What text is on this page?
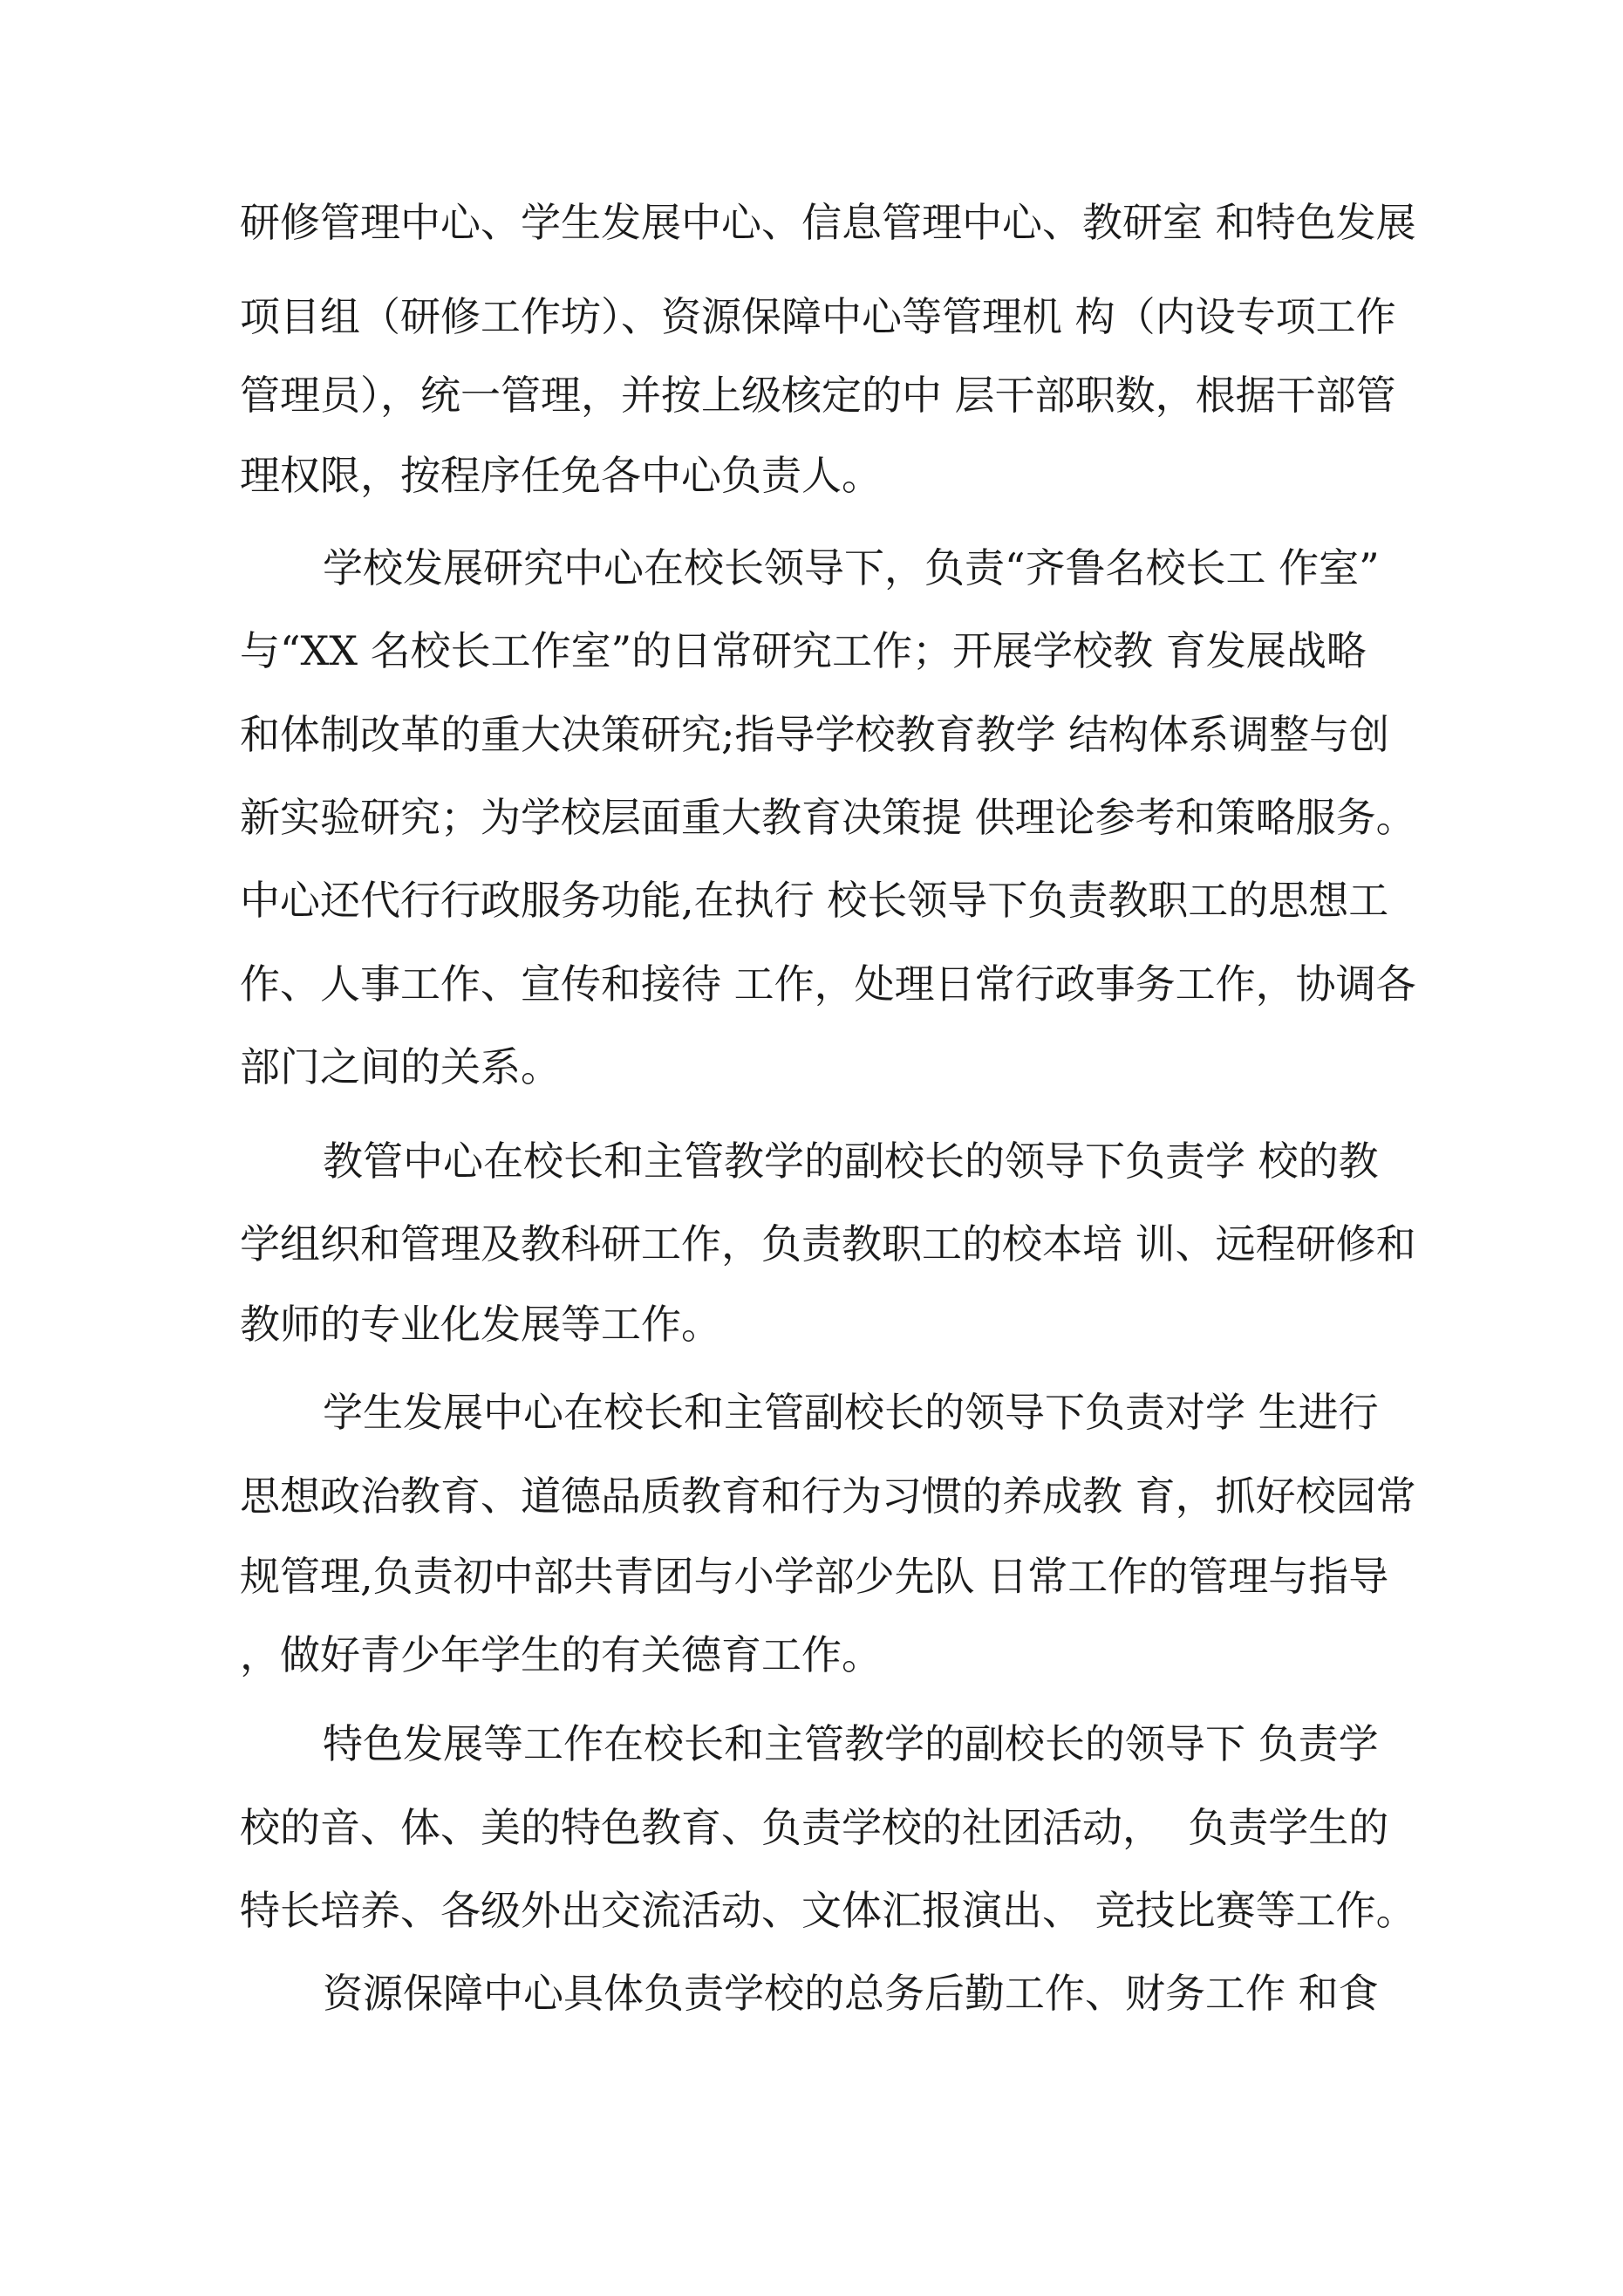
研修管理中心、学生发展中心、信息管理中心、教研室 和特色发展
项目组（研修工作坊）、资源保障中心等管理机 构（内设专项工作
管理员），统一管理，并按上级核定的中 层干部职数，根据干部管
理权限，按程序任免各中心负责人。
学校发展研究中心在校长领导下，负责“齐鲁名校长工 作室”
与“XX 名校长工作室”的日常研究工作；开展学校教 育发展战略
和体制改革的重大决策研究;指导学校教育教学 结构体系调整与创
新实验研究；为学校层面重大教育决策提 供理论参考和策略服务。
中心还代行行政服务功能,在执行 校长领导下负责教职工的思想工
作、人事工作、宣传和接待 工作，处理日常行政事务工作，协调各
部门之间的关系。
教管中心在校长和主管教学的副校长的领导下负责学 校的教
学组织和管理及教科研工作，负责教职工的校本培 训、远程研修和
教师的专业化发展等工作。
学生发展中心在校长和主管副校长的领导下负责对学 生进行
思想政治教育、道德品质教育和行为习惯的养成教 育，抓好校园常
规管理,负责初中部共青团与小学部少先队 日常工作的管理与指导
，做好青少年学生的有关德育工作。
特色发展等工作在校长和主管教学的副校长的领导下 负责学
校的音、体、美的特色教育、负责学校的社团活动，  负责学生的
特长培养、各级外出交流活动、文体汇报演出、 竞技比赛等工作。
资源保障中心具体负责学校的总务后勤工作、财务工作 和食
